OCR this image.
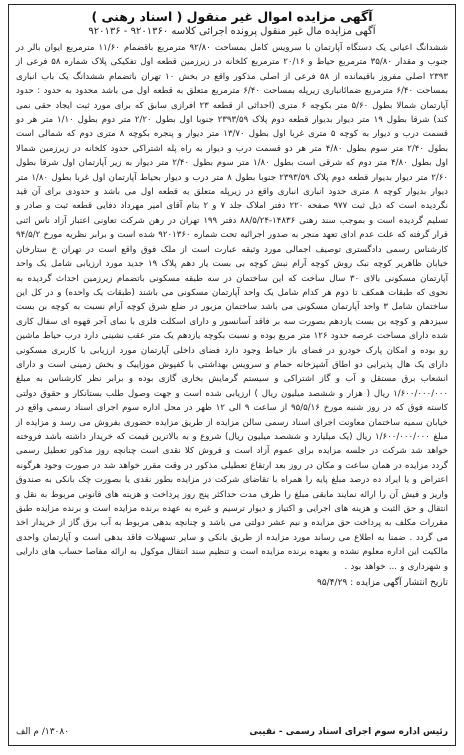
آگهی مزایده اموال غیر منقول ( اسناد رهنی )

آگهی مزایده مال غیر منقول پرونده اجرائی کلاسه ۹۲۰۱۳۶۰ - ۹۲۰۱۳۶

ششدانگ اعیانی یک دستگاه آپارتمان با سرویس کامل بمساحت ۹۲/۸۰ مترمربع باقضمام ۱۱/۶۰ مترمربع ایوان بالر در جنوب و مقدار ۳۵/۸۰ مترمربع حیاط و ۲۰/۱۶ مترمربع کلخانه در زیرزمین قطعه اول تفکیکی پلاک شماره ۵۸ فرعی از ۲۳۹۳ اصلی مفروز باقیمانده از ۵۸ فرعی از اصلی مذکور واقع در بخش ۱۰ تهران باتضمام ششدانگ یک باب انباری بمساحت ۶/۴۰ مترمربع ضمائانباری زیرپله بمساحت ۶/۴۰ مترمربع متعلق به قطعه اول می باشد محدود به حدود : حدود آپارتمان شمالا بطول ۵/۶۰ متر بکوچه ۶ متری (احداثی از قطعه ۲۳ افرازی سابق که برای مورد ثبت ایجاد حقی نمی کند) شرقا بطول ۱۹ متر دیوار بدیوار قطعه دوم پلاک ۲۳۹۳/۵۹ جنوبا اول بطول ۲/۲۰ متر دوم بطول ۱/۱۰ متر هر دو قسمت درب و دیوار به کوچه ۵ متری غربا اول بطول ۱۳/۷۰ متر دیوار و پنجره بکوچه ۸ متری دوم که شمالی است بطول ۲/۴۰ متر سوم بطول ۴/۸۰ متر هر دو قسمت درب و دیوار به راه پله اشتراکی حدود کلخانه در زیرزمین شمالا اول بطول ۴/۸۰ متر دوم که شرقی است بطول ۱/۸۰ متر سوم بطول ۲/۴۰ متر دیوار به زیر آپارتمان اول شرقا بطول ۲/۶۰ متر دیوار بدیوار قطعه دوم پلاک ۲۳۹۳/۵۹ جنوبا بطول ۸ متر درب و دیوار بحیاط آپارتمان اول غربا بطول ۱/۸۰ متر دیوار بدیوار کوچه ۸ متری حدود انباری انباری واقع در زیرپله متعلق به قطعه اول می باشد و حدودی برای آن قید نگردیده است که ذیل ثبت ۹۷۷ صفحه ۲۲۰ دفتر املاک جلد ۷ و ۲ بنام آقای امیر مهرداد دفایی قطعه ثبت و صادر و تسلیم گردیده است و بموجب سند رهنی ۱۴۸۳۶-۸۸/۵/۲۴ دفتر ۱۹۹ تهران در رهن شرکت تعاونی اعتبار آزاد ناس اثنی قرار گرفته که علت عدم ادای تعهد منجر به صدور اجرائیه تحت شماره ۹۲۰۱۳۶۰ شده است و برابر نظریه مورخ ۹۴/۵/۲ کارشناس رسمی دادگستری توصیف اجمالی مورد وثیقه عبارت است از ملک فوق واقع است در تهران خ ستارخان خیابان ظاهریر کوچه نبک روش کوچه آرام نبش کوچه بی بست یار دهم پلاک ۱۹ جدید مورد ارزیابی شامل یک واحد آپارتمان مسکونی بالای ۳۰ سال ساخت که این ساختمان در سه طبقه مسکونی باتضمام زیرزمین احداث گردیده به نحوی که طبقات همکف تا دوم هر کدام شامل یک واحد آپارتمان مسکونی می باشند (طبقات یک واحده) و در کل این ساختمان شامل ۳ واحد آپارتمان مسکونی می باشد ساختمان مزبور در ضلع شرق کوچه آرام نسبت به کوچه بن بست سیزدهم و کوچه بن بست یازدهم بصورت سه بر فاقد آسانسور و دارای اسکلت فلزی با نمای آجر قهوه ای سفال کاری شده دارای مساحت عرصه حدود ۱۲۶ متر مربع بوده و نسبت بکوچه یازدهم یک متر عقب نشینی دارد درب حیاط ماشین رو بوده و امکان پارک خودرو در فضای باز حیاط وجود دارد فضای داخلی آپارتمان مورد ارزیابی با کاربری مسکونی دارای یک هال پذیرایی دو اطاق آشپزخانه حمام و سرویس بهداشتی با کفپوش موزاییک و بخش زمینی است و دارای انشعاب برق مستقل و آب و گاز اشتراکی و سیستم گرمایش بخاری گازی بوده و برابر نظر کارشناس به مبلغ ۱/۶۰۰/۰۰۰/۰۰۰ ریال ( هزار و ششصد میلیون ریال ) ارزیابی شده است و جهت وصول طلب بستانکار و حقوق دولتی کاسته فوق که در روز شنبه مورخ ۹۵/۵/۱۶ از ساعت ۹ الی ۱۲ ظهر در محل اداره سوم اجرای اسناد رسمی واقع در خیابان سمیه ساختمان معاونت اجرای اسناد رسمی سالن مزایده از طریق مزایده حضوری بفروش می رسد و مزایده از مبلغ ۱/۶۰۰/۰۰۰/۰۰۰ ریال (یک میلیارد و ششصد میلیون ریال) شروع و به بالاترین قیمت که خریدار داشته باشد فروخته خواهد شد شرکت در جلسه مزایده برای عموم آزاد است و فروش کلا نقدی است چنانچه روز مذکور تعطیل رسمی گردد مزایده در همان ساعت و مکان در روز بعد ارتقاع تعطیلی مذکور در وقت مقرر خواهد شد در صورت وجود هرگونه اعتراض و یا ایراد ده درصد مبلغ پایه را همراه با تقاضای شرکت در مزایده بطور نقدی یا بصورت چک بانکی به صندوق واریز و فیش آن را ارائه نمایند مابقی مبلغ را ظرف مدت حداکثر پنج روز پرداخت و هزینه های قانونی مربوط به نقل و انتقال و حق الثبت و هزینه های اجرایی و اکتیاز و دیوار ترسیم و غیره به عهده برنده مزایده است و برنده مزایده طبق مقررات مکلف به پرداخت حق مزایده و نیم عشر دولتی می باشد و چنانچه بدهی مربوط به آب برق گاز از خریدار اخذ می گردد . ضمنا به اطلاع می رساند مورد مزایده از طریق بانکی و سایر تسهیلات فاقد بدهی است و آپارتمان واحدی مالکیت این اداره معلوم نشده و بعهده برنده مزایده است و تنظیم سند انتقال موکول به ارائه مفاصا حساب های دارایی و شهرداری و ... خواهد بود .

تاریخ انتشار آگهی مزایده : ۹۵/۴/۲۹

رئیس اداره سوم اجرای اسناد رسمی - نقیبی
۱۳۰۸۰/ م الف
